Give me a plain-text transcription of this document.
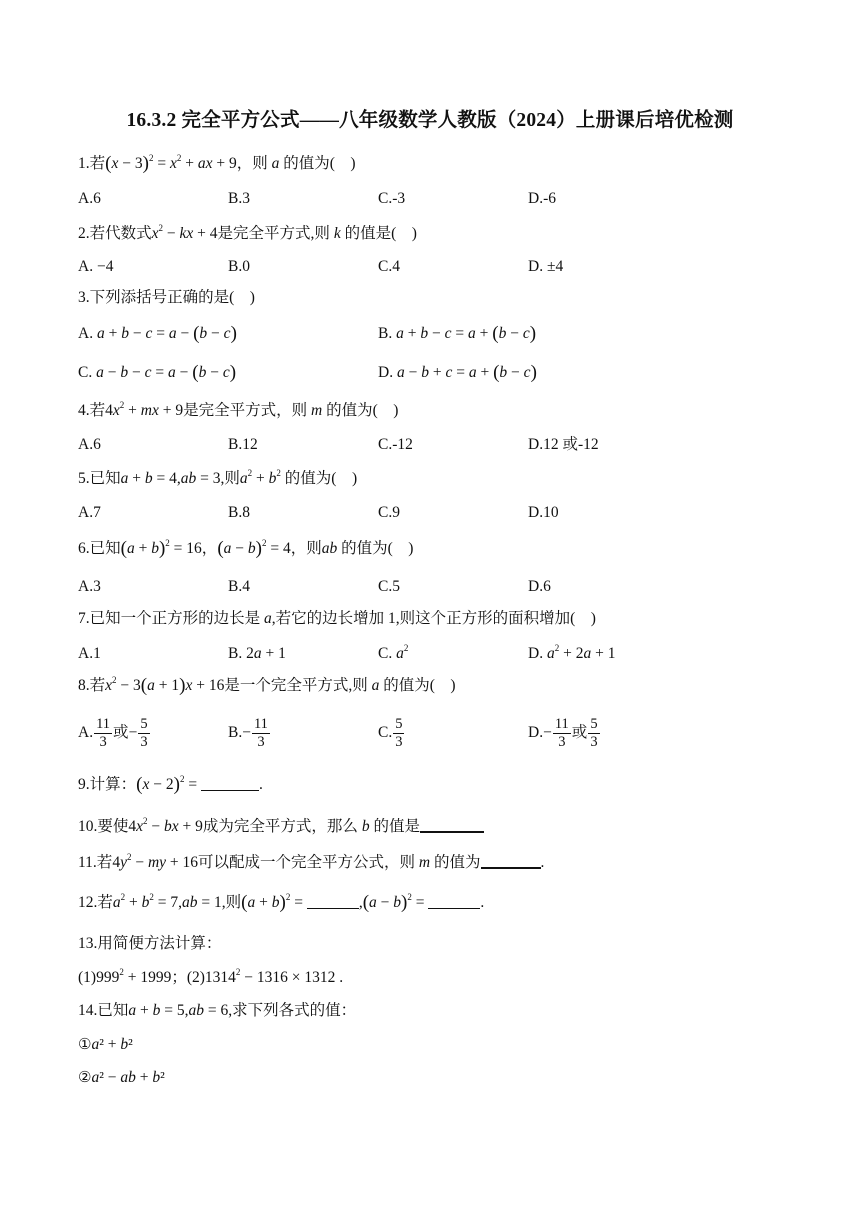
16.3.2 完全平方公式——八年级数学人教版（2024）上册课后培优检测
1.若$(x - 3)^2 = x^2$ + ax + 9，则 a 的值为(　)
A.6	B.3	C.-3	D.-6
2.若代数式$x^2$ − kx + 4是完全平方式,则 k 的值是(　)
A. −4	B.0	C.4	D. ±4
3.下列添括号正确的是(　)
A. a + b − c = a − (b − c)	B. a + b − c = a + (b − c)
C. a − b − c = a − (b − c)	D. a − b + c = a + (b − c)
4.若$4x^2$ + mx + 9是完全平方式，则 m 的值为(　)
A.6	B.12	C.-12	D.12 或-12
5.已知a + b = 4,ab = 3,则$a^2 + b^2$ 的值为(　)
A.7	B.8	C.9	D.10
6.已知$(a + b)^2 = 16$，$(a - b)^2 = 4$，则ab 的值为(　)
A.3	B.4	C.5	D.6
7.已知一个正方形的边长是 a,若它的边长增加 1,则这个正方形的面积增加(　)
A.1	B. 2a + 1	C. $a^2$	D. $a^2 + 2a + 1$
8.若$x^2 - 3(a + 1)x + 16$是一个完全平方式,则 a 的值为(　)
A. $\frac{11}{3}$ 或− $\frac{5}{3}$	$B.- \frac{11}{3}$	C. $\frac{5}{3}$	$D.- \frac{11}{3}$ 或 $\frac{5}{3}$
9.计算：$(x - 2)^2$ =	.
10.要使$4x^2$ − bx + 9成为完全平方式，那么 b 的值是
11.若$4y^2$ − my + 16可以配成一个完全平方公式，则 m 的值为	.
12.若$a^2 + b^2 = 7,ab = 1$,则$(a + b)^2$ =	$,(a - b)^2$ =	.
13.用简便方法计算：
$(1)999^2 + 1999$；$(2)1314^2 - 1316 \times 1312$ .
14.已知a + b = 5,ab = 6,求下列各式的值：
①a² + b²
②a² − ab + b²
